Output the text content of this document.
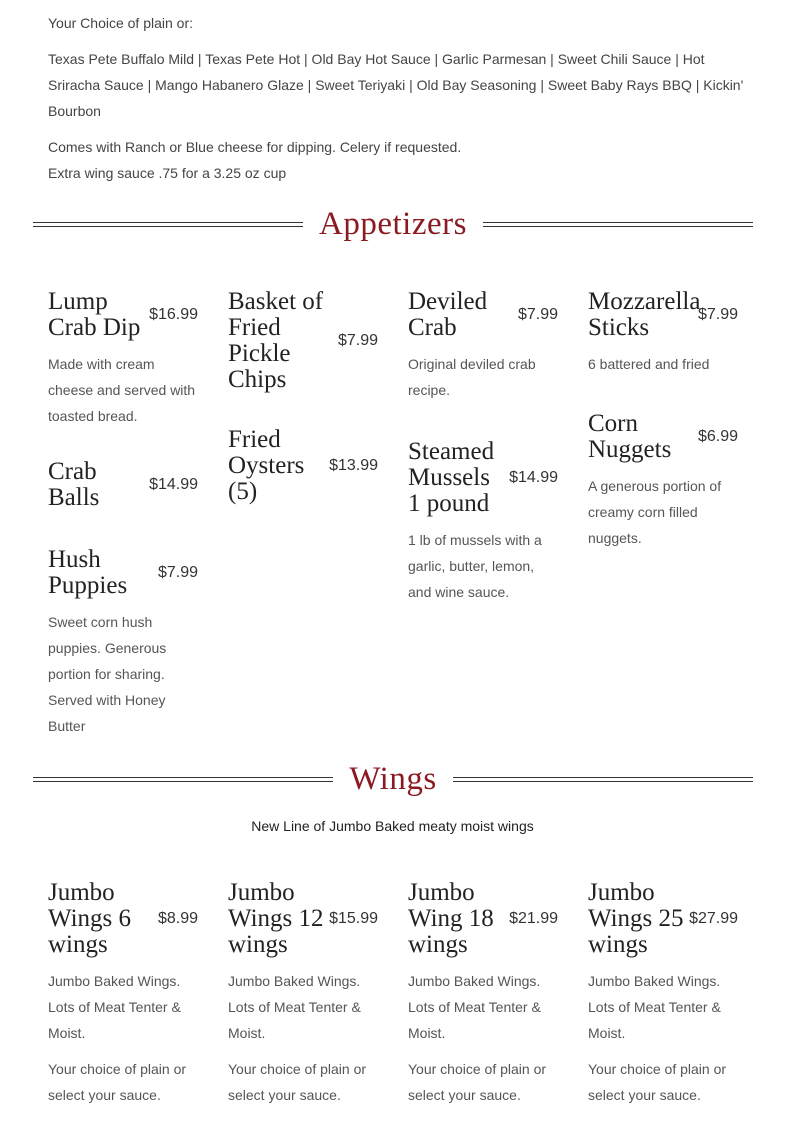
Your Choice of plain or:

Texas Pete Buffalo Mild | Texas Pete Hot | Old Bay Hot Sauce | Garlic Parmesan | Sweet Chili Sauce | Hot Sriracha Sauce | Mango Habanero Glaze | Sweet Teriyaki | Old Bay Seasoning | Sweet Baby Rays BBQ | Kickin' Bourbon

Comes with Ranch or Blue cheese for dipping. Celery if requested.
Extra wing sauce .75 for a 3.25 oz cup

Appetizers
Lump Crab Dip $16.99
Made with cream cheese and served with toasted bread.
Crab Balls	$14.99
Hush Puppies	$7.99
Sweet corn hush puppies. Generous portion for sharing. Served with Honey Butter
Basket of Fried Pickle Chips
$7.99
Fried Oysters (5)
$13.99
Deviled Crab	$7.99
Original deviled crab recipe.
Steamed Mussels 1 pound
$14.99
1 lb of mussels with a garlic, butter, lemon, and wine sauce.
Mozzarella Sticks	$7.99
6 battered and fried
Corn Nuggets	$6.99
A generous portion of creamy corn filled nuggets.
Wings
New Line of Jumbo Baked meaty moist wings
Jumbo Wings 6 wings
$8.99

Jumbo Baked Wings. Lots of Meat Tenter & Moist.

Your choice of plain or select your sauce.

Jumbo Wings 12 wings
$15.99

Jumbo Baked Wings. Lots of Meat Tenter & Moist.

Your choice of plain or select your sauce.

Jumbo Wing 18 wings
$21.99

Jumbo Baked Wings. Lots of Meat Tenter & Moist.

Your choice of plain or select your sauce.

Jumbo Wings 25 wings
$27.99

Jumbo Baked Wings. Lots of Meat Tenter & Moist.

Your choice of plain or select your sauce.
